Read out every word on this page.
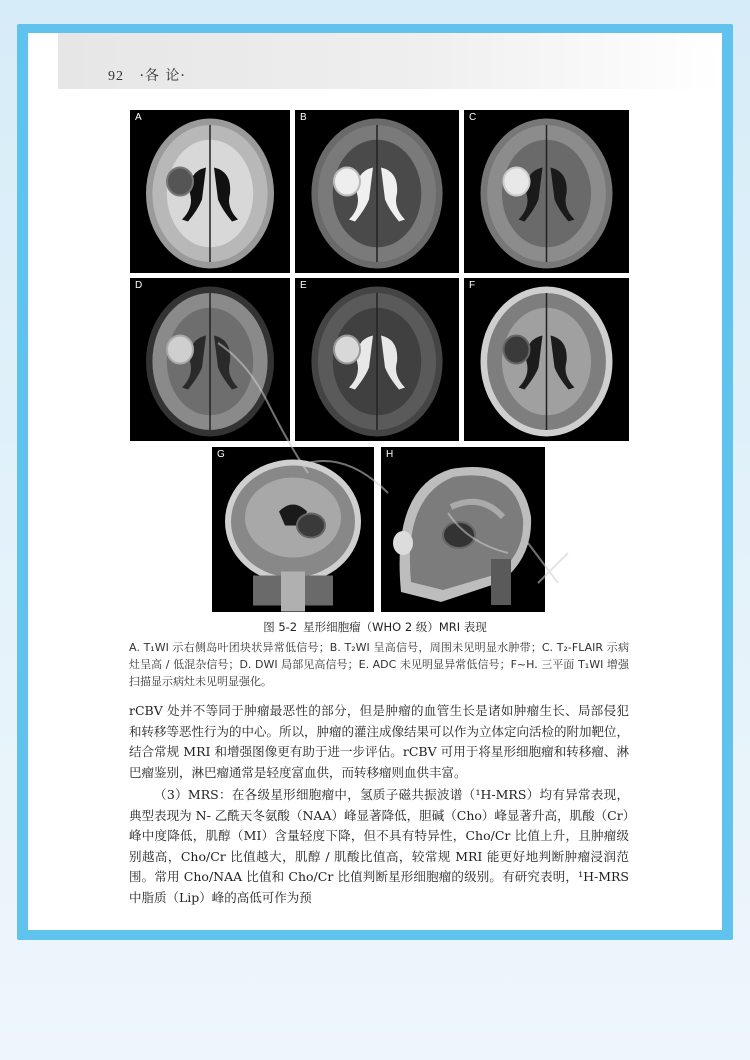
92 ·各 论·
A	B	C
D	E	F
G	H
图 5-2 星形细胞瘤（WHO 2 级）MRI 表现
A. T₁WI 示右侧岛叶团块状异常低信号；B. T₂WI 呈高信号，周围未见明显水肿带；C. T₂-FLAIR 示病灶呈高 / 低混杂信号；D. DWI 局部见高信号；E. ADC 未见明显异常低信号；F~H. 三平面 T₁WI 增强扫描显示病灶未见明显强化。
rCBV 处并不等同于肿瘤最恶性的部分，但是肿瘤的血管生长是诸如肿瘤生长、局部侵犯和转移等恶性行为的中心。所以，肿瘤的灌注成像结果可以作为立体定向活检的附加靶位，结合常规 MRI 和增强图像更有助于进一步评估。rCBV 可用于将星形细胞瘤和转移瘤、淋巴瘤鉴别，淋巴瘤通常是轻度富血供，而转移瘤则血供丰富。
（3）MRS：在各级星形细胞瘤中，氢质子磁共振波谱（¹H-MRS）均有异常表现，典型表现为 N- 乙酰天冬氨酸（NAA）峰显著降低，胆碱（Cho）峰显著升高，肌酸（Cr）峰中度降低，肌醇（MI）含量轻度下降，但不具有特异性，Cho/Cr 比值上升，且肿瘤级别越高，Cho/Cr 比值越大，肌醇 / 肌酸比值高，较常规 MRI 能更好地判断肿瘤浸润范围。常用 Cho/NAA 比值和 Cho/Cr 比值判断星形细胞瘤的级别。有研究表明，¹H-MRS 中脂质（Lip）峰的高低可作为预
